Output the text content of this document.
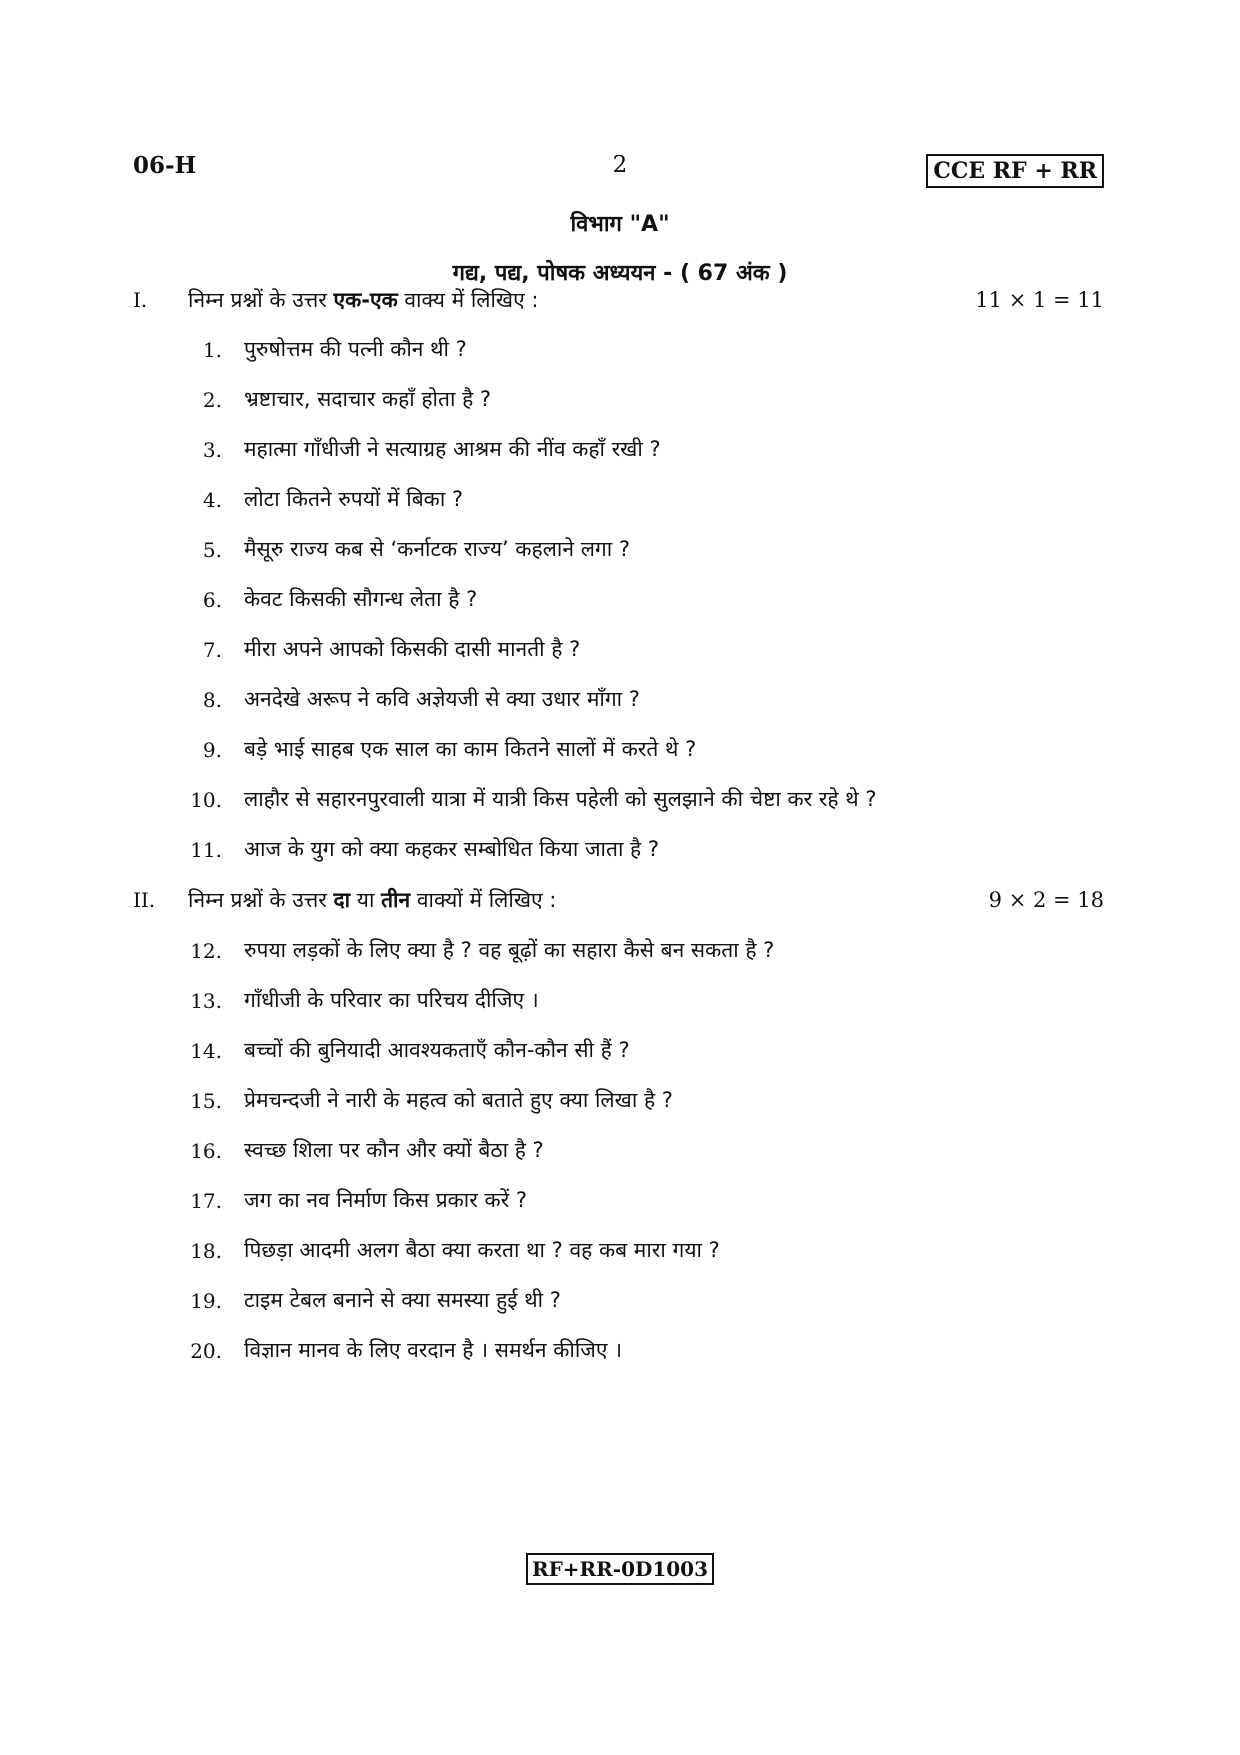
06-H	2	CCE RF + RR
विभाग "A"
गद्य, पद्य, पोषक अध्ययन - ( 67 अंक )
I. निम्न प्रश्नों के उत्तर एक-एक वाक्य में लिखिए :	11 × 1 = 11
1. पुरुषोत्तम की पत्नी कौन थी ?
2. भ्रष्टाचार, सदाचार कहाँ होता है ?
3. महात्मा गाँधीजी ने सत्याग्रह आश्रम की नींव कहाँ रखी ?
4. लोटा कितने रुपयों में बिका ?
5. मैसूरु राज्य कब से ‘कर्नाटक राज्य’ कहलाने लगा ?
6. केवट किसकी सौगन्ध लेता है ?
7. मीरा अपने आपको किसकी दासी मानती है ?
8. अनदेखे अरूप ने कवि अज्ञेयजी से क्या उधार माँगा ?
9. बड़े भाई साहब एक साल का काम कितने सालों में करते थे ?
10. लाहौर से सहारनपुरवाली यात्रा में यात्री किस पहेली को सुलझाने की चेष्टा कर रहे थे ?
11. आज के युग को क्या कहकर सम्बोधित किया जाता है ?
II. निम्न प्रश्नों के उत्तर दा या तीन वाक्यों में लिखिए :	9 × 2 = 18
12. रुपया लड़कों के लिए क्या है ? वह बूढ़ों का सहारा कैसे बन सकता है ?
13. गाँधीजी के परिवार का परिचय दीजिए ।
14. बच्चों की बुनियादी आवश्यकताएँ कौन-कौन सी हैं ?
15. प्रेमचन्दजी ने नारी के महत्व को बताते हुए क्या लिखा है ?
16. स्वच्छ शिला पर कौन और क्यों बैठा है ?
17. जग का नव निर्माण किस प्रकार करें ?
18. पिछड़ा आदमी अलग बैठा क्या करता था ? वह कब मारा गया ?
19. टाइम टेबल बनाने से क्या समस्या हुई थी ?
20. विज्ञान मानव के लिए वरदान है । समर्थन कीजिए ।
RF+RR-0D1003
